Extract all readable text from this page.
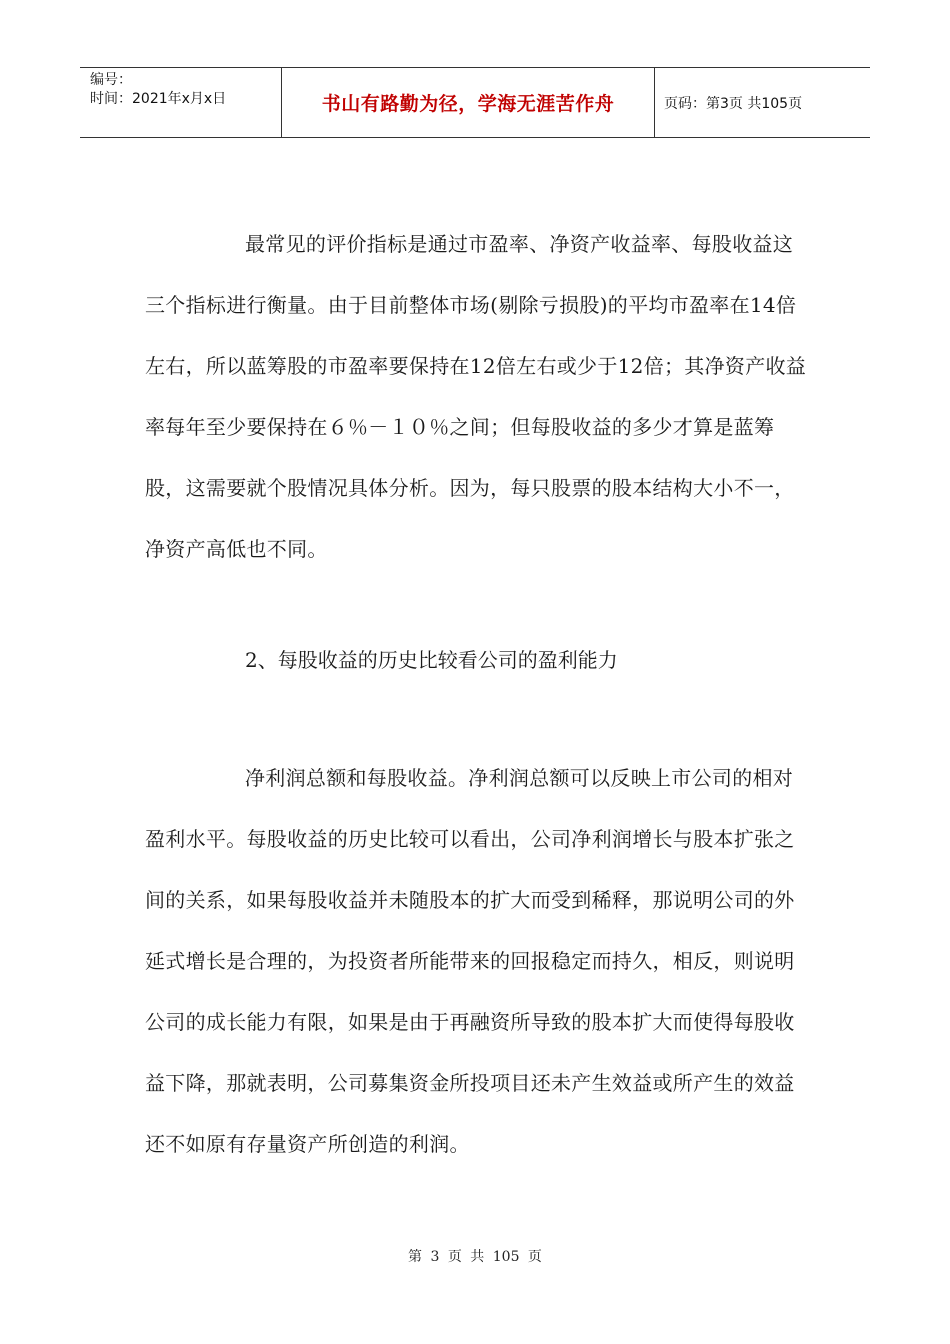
编号：
时间：2021年x月x日	书山有路勤为径，学海无涯苦作舟	页码：第3页 共105页
最常见的评价指标是通过市盈率、净资产收益率、每股收益这三个指标进行衡量。由于目前整体市场(剔除亏损股)的平均市盈率在14倍左右，所以蓝筹股的市盈率要保持在12倍左右或少于12倍；其净资产收益率每年至少要保持在６％－１０％之间；但每股收益的多少才算是蓝筹股，这需要就个股情况具体分析。因为，每只股票的股本结构大小不一，净资产高低也不同。
2、每股收益的历史比较看公司的盈利能力
净利润总额和每股收益。净利润总额可以反映上市公司的相对盈利水平。每股收益的历史比较可以看出，公司净利润增长与股本扩张之间的关系，如果每股收益并未随股本的扩大而受到稀释，那说明公司的外延式增长是合理的，为投资者所能带来的回报稳定而持久，相反，则说明公司的成长能力有限，如果是由于再融资所导致的股本扩大而使得每股收益下降，那就表明，公司募集资金所投项目还未产生效益或所产生的效益还不如原有存量资产所创造的利润。
第 3 页 共 105 页
